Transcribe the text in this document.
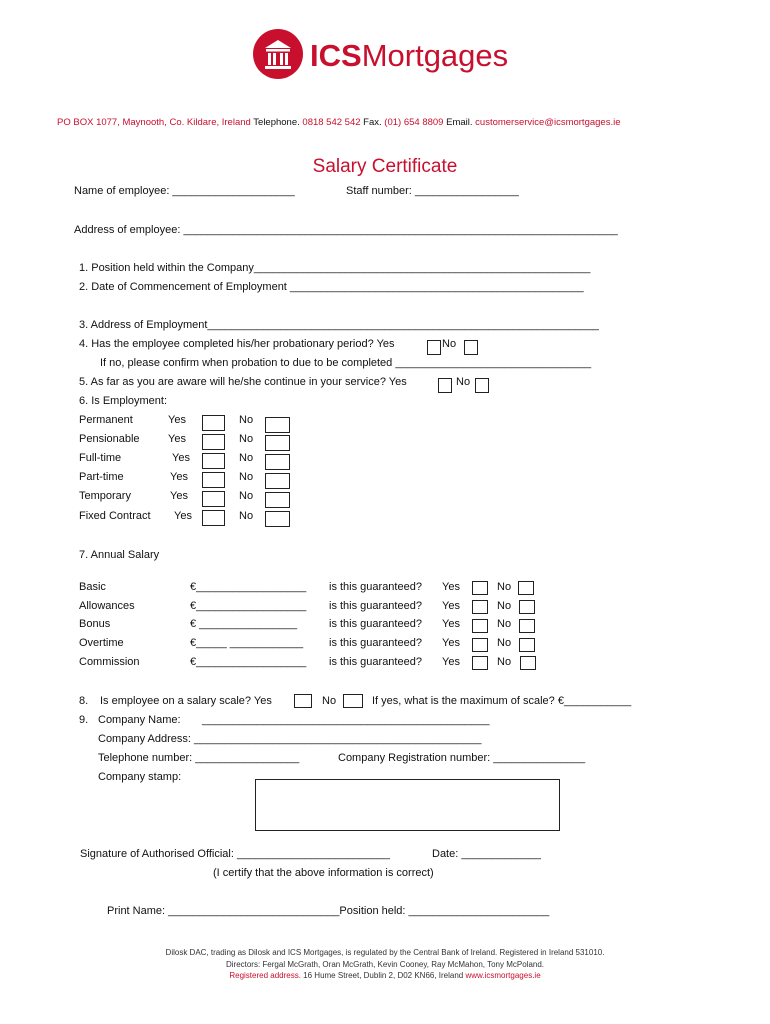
ICSMortgages
PO BOX 1077, Maynooth, Co. Kildare, Ireland Telephone. 0818 542 542 Fax. (01) 654 8809 Email. customerservice@icsmortgages.ie
Salary Certificate
Name of employee: ____________________	Staff number: _________________
Address of employee: _______________________________________________________________________
1. Position held within the Company_______________________________________________________
2. Date of Commencement of Employment ________________________________________________
3. Address of Employment________________________________________________________________
4. Has the employee completed his/her probationary period? Yes	No
If no, please confirm when probation to due to be completed ________________________________
5. As far as you are aware will he/she continue in your service? Yes	No
6. Is Employment:
Permanent	Yes	No
Pensionable	Yes	No
Full-time	Yes	No
Part-time	Yes	No
Temporary	Yes	No
Fixed Contract Yes	No
7. Annual Salary
Basic	€__________________ is this guaranteed? Yes	No
Allowances	€__________________ is this guaranteed? Yes	No
Bonus	€ ________________	is this guaranteed? Yes	No
Overtime	€_____ ____________ is this guaranteed? Yes	No
Commission	€__________________ is this guaranteed? Yes	No
8. Is employee on a salary scale? Yes	No	If yes, what is the maximum of scale? €___________
9. Company Name: _______________________________________________
Company Address: _______________________________________________
Telephone number: _________________	Company Registration number: _______________
Company stamp:
Signature of Authorised Official: _________________________	Date: _____________
(I certify that the above information is correct)
Print Name: ____________________________Position held: _______________________
Dilosk DAC, trading as Dilosk and ICS Mortgages, is regulated by the Central Bank of Ireland. Registered in Ireland 531010.
Directors: Fergal McGrath, Oran McGrath, Kevin Cooney, Ray McMahon, Tony McPoland.
Registered address. 16 Hume Street, Dublin 2, D02 KN66, Ireland www.icsmortgages.ie
